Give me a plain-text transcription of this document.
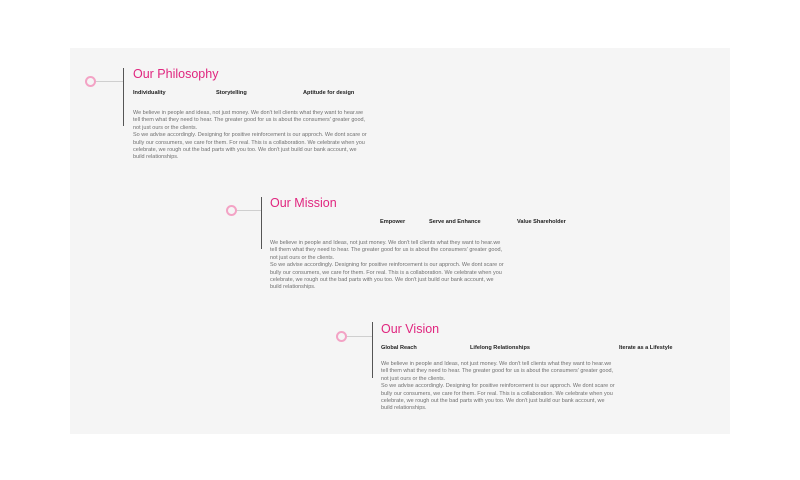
Our Philosophy
Individuality	Storytelling	Aptitude for design
We believe in people and ideas, not just money. We don't tell clients what they want to hear.we
tell them what they need to hear. The greater good for us is about the consumers' greater good,
not just ours or the clients.
So we advise accordingly. Designing for positive reinforcement is our approch. We dont scare or
bully our consumers, we care for them. For real. This is a collaboration. We celebrate when you
celebrate, we rough out the bad parts with you too. We don't just build our bank account, we
build relationships.
Our Mission
Empower	Serve and Enhance	Value Shareholder
We believe in people and Ideas, not just money. We don't tell clients what they want to hear.we
tell them what they need to hear. The greater good for us is about the consumers' greater good,
not just ours or the clients.
So we advise accordingly. Designing for positive reinforcement is our approch. We dont scare or
bully our consumers, we care for them. For real. This is a collaboration. We celebrate when you
celebrate, we rough out the bad parts with you too. We don't just build our bank account, we
build relationships.
Our Vision
Global Reach	Lifelong Relationships	Iterate as a Lifestyle
We believe in people and Ideas, not just money. We don't tell clients what they want to hear.we
tell them what they need to hear. The greater good for us is about the consumers' greater good,
not just ours or the clients.
So we advise accordingly. Designing for positive reinforcement is our approch. We dont scare or
bully our consumers, we care for them. For real. This is a collaboration. We celebrate when you
celebrate, we rough out the bad parts with you too. We don't just build our bank account, we
build relationships.
